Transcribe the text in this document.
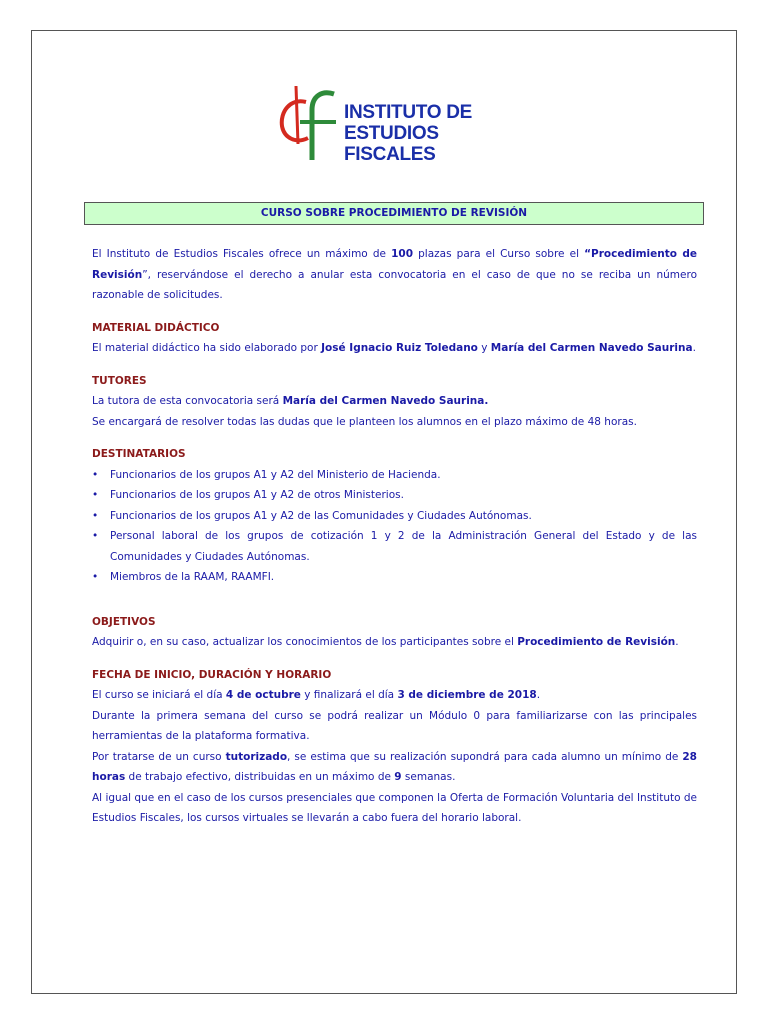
INSTITUTO DE
ESTUDIOS FISCALES
CURSO SOBRE PROCEDIMIENTO DE REVISIÓN

El Instituto de Estudios Fiscales ofrece un máximo de 100 plazas para el Curso sobre el “Procedimiento de Revisión”, reservándose el derecho a anular esta convocatoria en el caso de que no se reciba un número razonable de solicitudes.

MATERIAL DIDÁCTICO

El material didáctico ha sido elaborado por José Ignacio Ruiz Toledano y María del Carmen Navedo Saurina.

TUTORES

La tutora de esta convocatoria será María del Carmen Navedo Saurina.

Se encargará de resolver todas las dudas que le planteen los alumnos en el plazo máximo de 48 horas.

DESTINATARIOS

• Funcionarios de los grupos A1 y A2 del Ministerio de Hacienda.
• Funcionarios de los grupos A1 y A2 de otros Ministerios.
• Funcionarios de los grupos A1 y A2 de las Comunidades y Ciudades Autónomas.
• Personal laboral de los grupos de cotización 1 y 2 de la Administración General del Estado y de las Comunidades y Ciudades Autónomas.
• Miembros de la RAAM, RAAMFI.

OBJETIVOS

Adquirir o, en su caso, actualizar los conocimientos de los participantes sobre el Procedimiento de Revisión.

FECHA DE INICIO, DURACIÓN Y HORARIO

El curso se iniciará el día 4 de octubre y finalizará el día 3 de diciembre de 2018.

Durante la primera semana del curso se podrá realizar un Módulo 0 para familiarizarse con las principales herramientas de la plataforma formativa.

Por tratarse de un curso tutorizado, se estima que su realización supondrá para cada alumno un mínimo de 28 horas de trabajo efectivo, distribuidas en un máximo de 9 semanas.

Al igual que en el caso de los cursos presenciales que componen la Oferta de Formación Voluntaria del Instituto de Estudios Fiscales, los cursos virtuales se llevarán a cabo fuera del horario laboral.
